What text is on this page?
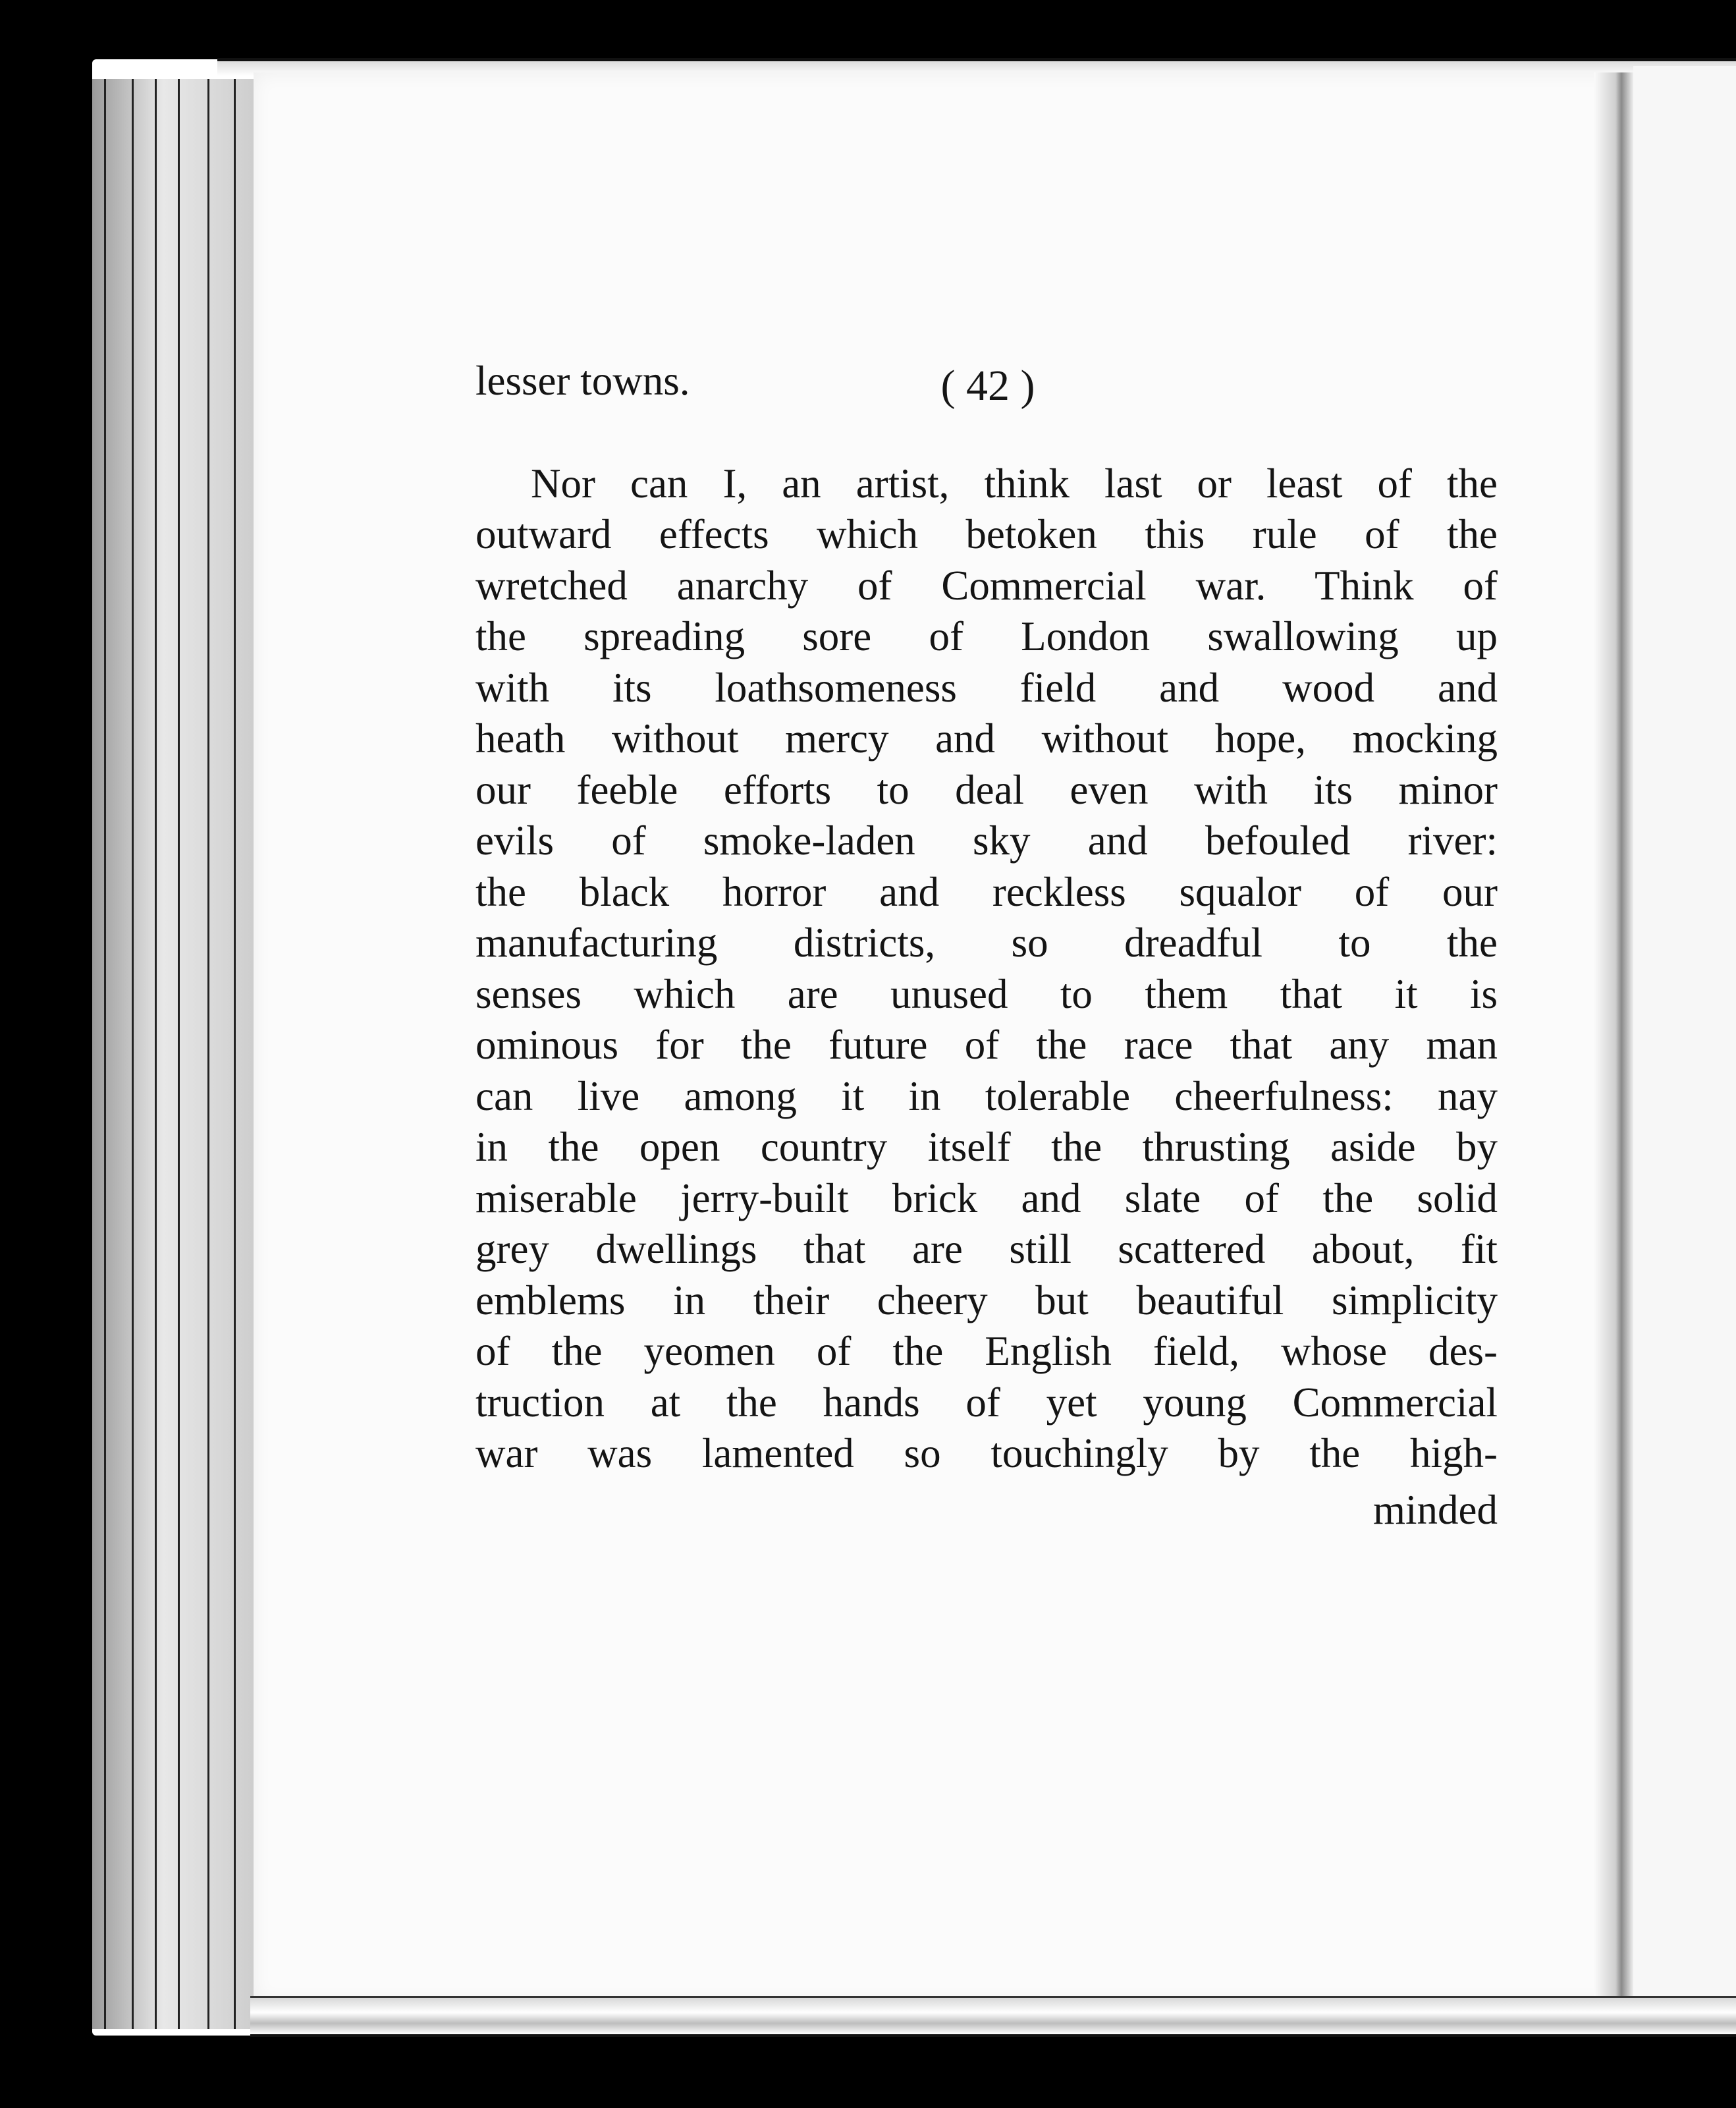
( 42 )
lesser towns.
Nor can I, an artist, think last or least of the
outward effects which betoken this rule of the
wretched anarchy of Commercial war. Think of
the spreading sore of London swallowing up
with its loathsomeness field and wood and
heath without mercy and without hope, mocking
our feeble efforts to deal even with its minor
evils of smoke-laden sky and befouled river:
the black horror and reckless squalor of our
manufacturing districts, so dreadful to the
senses which are unused to them that it is
ominous for the future of the race that any man
can live among it in tolerable cheerfulness: nay
in the open country itself the thrusting aside by
miserable jerry-built brick and slate of the solid
grey dwellings that are still scattered about, fit
emblems in their cheery but beautiful simplicity
of the yeomen of the English field, whose des-
truction at the hands of yet young Commercial
war was lamented so touchingly by the high-
minded
